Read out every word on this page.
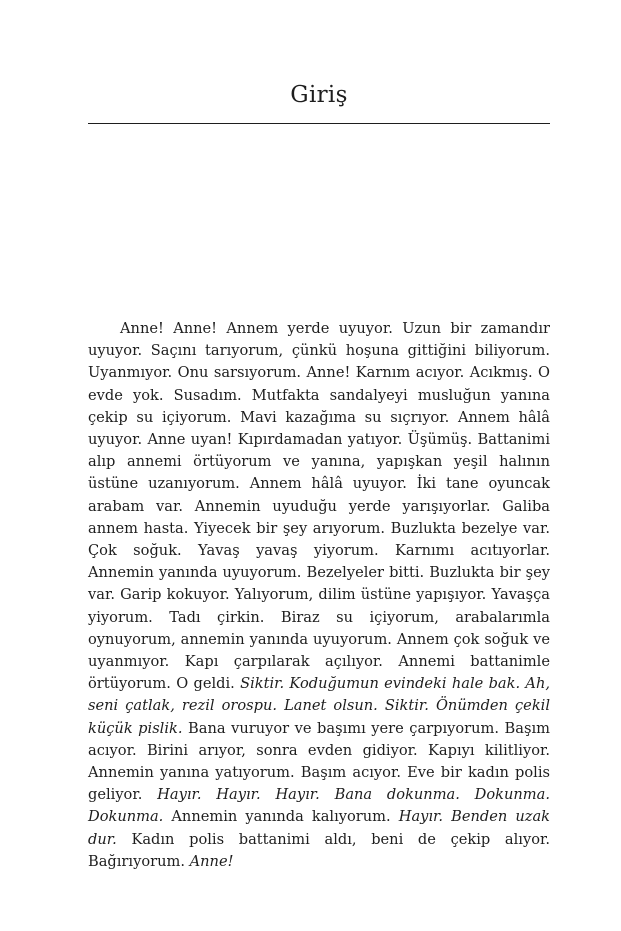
Giriş

Anne! Anne! Annem yerde uyuyor. Uzun bir zamandır uyuyor. Saçını tarıyorum, çünkü hoşuna gittiğini biliyorum. Uyanmıyor. Onu sarsıyorum. Anne! Karnım acıyor. Acıkmış. O evde yok. Susadım. Mutfakta sandalyeyi musluğun yanına çekip su içiyorum. Mavi kazağıma su sıçrıyor. Annem hâlâ uyuyor. Anne uyan! Kıpırdamadan yatıyor. Üşümüş. Battanimi alıp annemi örtüyorum ve yanına, yapışkan yeşil halının üstüne uzanıyorum. Annem hâlâ uyuyor. İki tane oyuncak arabam var. Annemin uyuduğu yerde yarışıyorlar. Galiba annem hasta. Yiyecek bir şey arıyorum. Buzlukta bezelye var. Çok soğuk. Yavaş yavaş yiyorum. Karnımı acıtıyorlar. Annemin yanında uyuyorum. Bezelyeler bitti. Buzlukta bir şey var. Garip kokuyor. Yalıyorum, dilim üstüne yapışıyor. Yavaşça yiyorum. Tadı çirkin. Biraz su içiyorum, arabalarımla oynuyorum, annemin yanında uyuyorum. Annem çok soğuk ve uyanmıyor. Kapı çarpılarak açılıyor. Annemi battanimle örtüyorum. O geldi. Siktir. Koduğumun evindeki hale bak. Ah, seni çatlak, rezil orospu. Lanet olsun. Siktir. Önümden çekil küçük pislik. Bana vuruyor ve başımı yere çarpıyorum. Başım acıyor. Birini arıyor, sonra evden gidiyor. Kapıyı kilitliyor. Annemin yanına yatıyorum. Başım acıyor. Eve bir kadın polis geliyor. Hayır. Hayır. Hayır. Bana dokunma. Dokunma. Dokunma. Annemin yanında kalıyorum. Hayır. Benden uzak dur. Kadın polis battanimi aldı, beni de çekip alıyor. Bağırıyorum. Anne!
